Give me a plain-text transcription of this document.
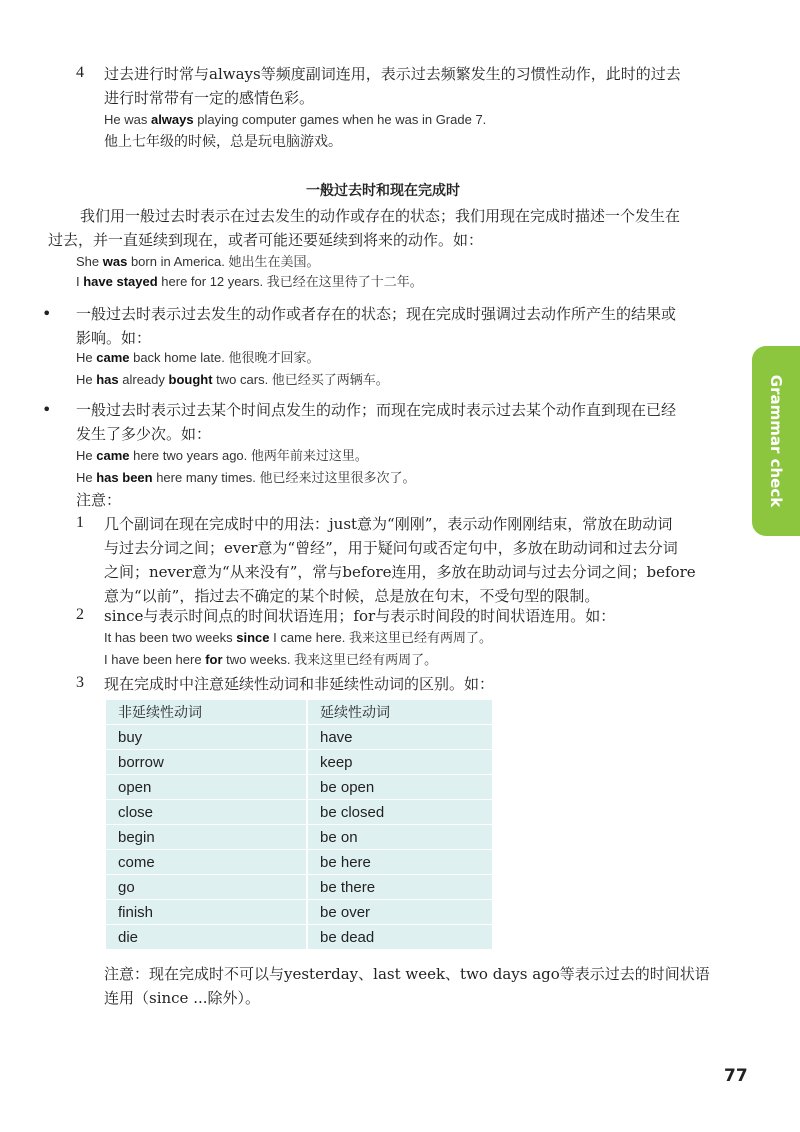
4 过去进行时常与always等频度副词连用，表示过去频繁发生的习惯性动作，此时的过去
进行时常带有一定的感情色彩。
He was always playing computer games when he was in Grade 7.
他上七年级的时候，总是玩电脑游戏。
一般过去时和现在完成时
我们用一般过去时表示在过去发生的动作或存在的状态；我们用现在完成时描述一个发生在
过去，并一直延续到现在，或者可能还要延续到将来的动作。如：
She was born in America. 她出生在美国。
I have stayed here for 12 years. 我已经在这里待了十二年。
• 一般过去时表示过去发生的动作或者存在的状态；现在完成时强调过去动作所产生的结果或
影响。如：
He came back home late. 他很晚才回家。
He has already bought two cars. 他已经买了两辆车。
• 一般过去时表示过去某个时间点发生的动作；而现在完成时表示过去某个动作直到现在已经
发生了多少次。如：
He came here two years ago. 他两年前来过这里。
He has been here many times. 他已经来过这里很多次了。
注意：
1 几个副词在现在完成时中的用法：just意为“刚刚”，表示动作刚刚结束，常放在助动词
与过去分词之间；ever意为“曾经”，用于疑问句或否定句中，多放在助动词和过去分词
之间；never意为“从来没有”，常与before连用，多放在助动词与过去分词之间；before
意为“以前”，指过去不确定的某个时候，总是放在句末，不受句型的限制。
2 since与表示时间点的时间状语连用；for与表示时间段的时间状语连用。如：
It has been two weeks since I came here. 我来这里已经有两周了。
I have been here for two weeks. 我来这里已经有两周了。
3 现在完成时中注意延续性动词和非延续性动词的区别。如：
非延续性动词	延续性动词
buy	have
borrow	keep
open	be open
close	be closed
begin	be on
come	be here
go	be there
finish	be over
die	be dead
注意：现在完成时不可以与yesterday、last week、two days ago等表示过去的时间状语
连用（since ...除外）。
Grammar check
77
